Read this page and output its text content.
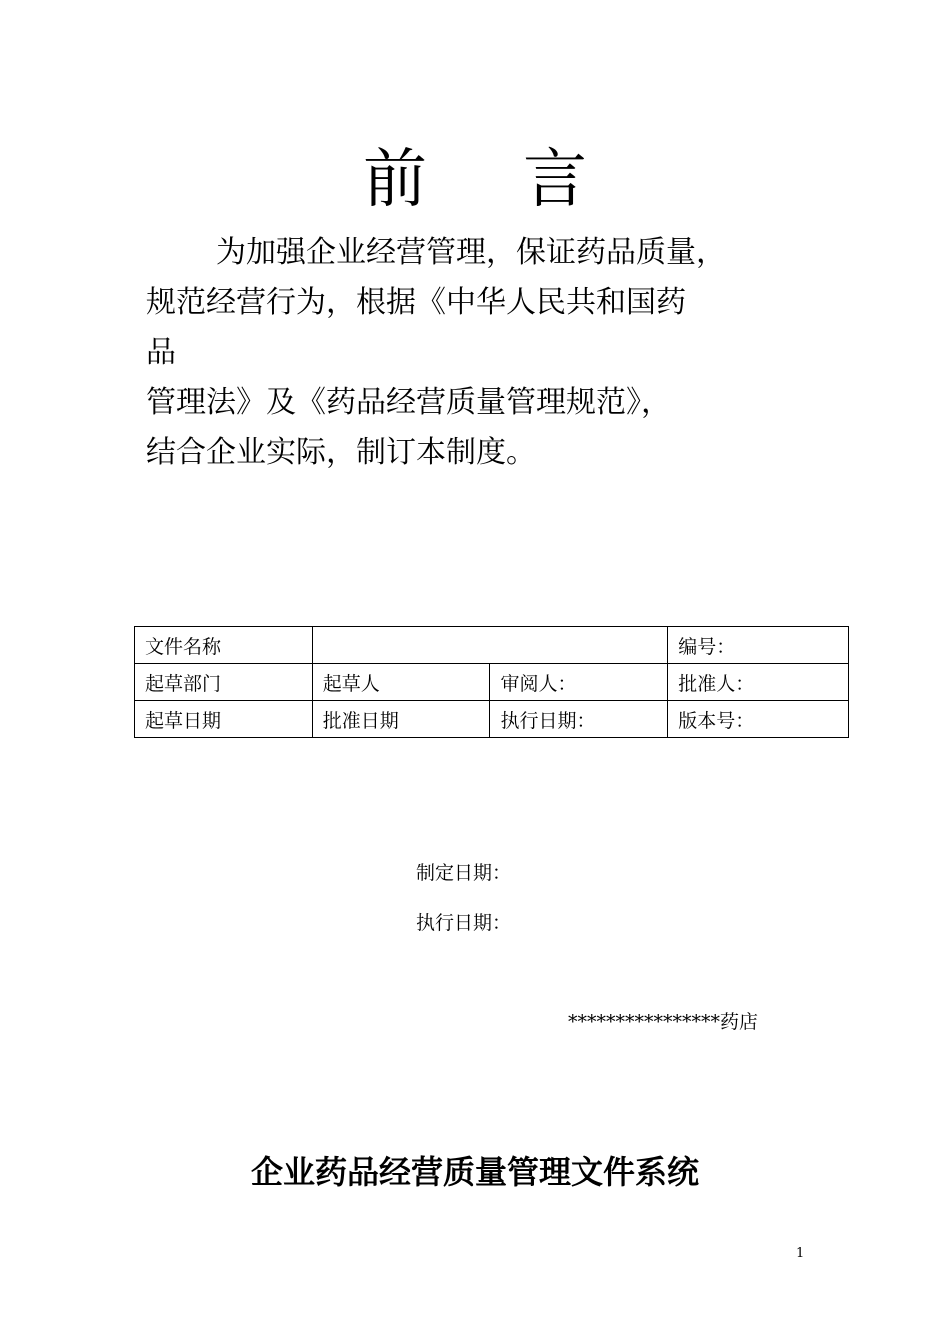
前 言
为加强企业经营管理，保证药品质量，
规范经营行为，根据《中华人民共和国药
品
管理法》及《药品经营质量管理规范》，
结合企业实际，制订本制度。
文件名称			编号：
起草部门	起草人	审阅人：	批准人：
起草日期	批准日期	执行日期：	版本号：
制定日期：
执行日期：
****************药店
企业药品经营质量管理文件系统
1
